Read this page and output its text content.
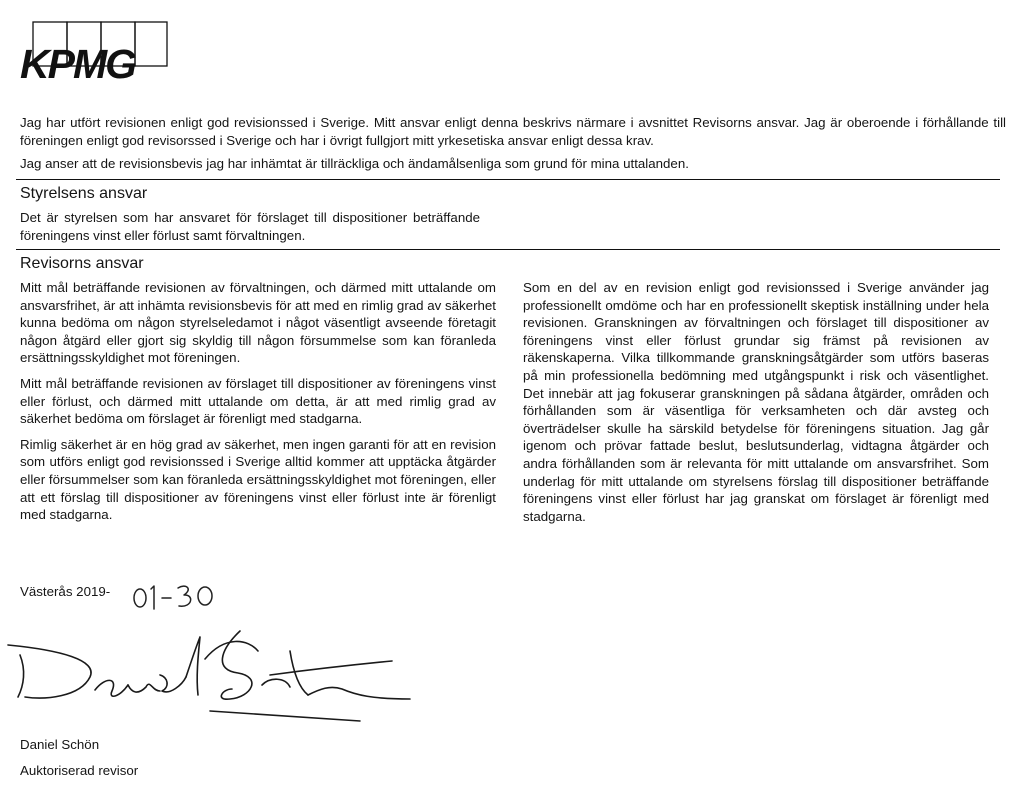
KPMG

Jag har utfört revisionen enligt god revisionssed i Sverige. Mitt ansvar enligt denna beskrivs närmare i avsnittet Revisorns ansvar. Jag är oberoende i förhållande till föreningen enligt god revisorssed i Sverige och har i övrigt fullgjort mitt yrkesetiska ansvar enligt dessa krav.

Jag anser att de revisionsbevis jag har inhämtat är tillräckliga och ändamålsenliga som grund för mina uttalanden.

Styrelsens ansvar
Det är styrelsen som har ansvaret för förslaget till dispositioner beträffande föreningens vinst eller förlust samt förvaltningen.
Revisorns ansvar

Mitt mål beträffande revisionen av förvaltningen, och därmed mitt uttalande om ansvarsfrihet, är att inhämta revisionsbevis för att med en rimlig grad av säkerhet kunna bedöma om någon styrelseledamot i något väsentligt avseende företagit någon åtgärd eller gjort sig skyldig till någon försummelse som kan föranleda ersättningsskyldighet mot föreningen.

Mitt mål beträffande revisionen av förslaget till dispositioner av föreningens vinst eller förlust, och därmed mitt uttalande om detta, är att med rimlig grad av säkerhet bedöma om förslaget är förenligt med stadgarna.

Rimlig säkerhet är en hög grad av säkerhet, men ingen garanti för att en revision som utförs enligt god revisionssed i Sverige alltid kommer att upptäcka åtgärder eller försummelser som kan föranleda ersättningsskyldighet mot föreningen, eller att ett förslag till dispositioner av föreningens vinst eller förlust inte är förenligt med stadgarna.

Som en del av en revision enligt god revisionssed i Sverige använder jag professionellt omdöme och har en professionellt skeptisk inställning under hela revisionen. Granskningen av förvaltningen och förslaget till dispositioner av föreningens vinst eller förlust grundar sig främst på revisionen av räkenskaperna. Vilka tillkommande granskningsåtgärder som utförs baseras på min professionella bedömning med utgångspunkt i risk och väsentlighet. Det innebär att jag fokuserar granskningen på sådana åtgärder, områden och förhållanden som är väsentliga för verksamheten och där avsteg och överträdelser skulle ha särskild betydelse för föreningens situation. Jag går igenom och prövar fattade beslut, beslutsunderlag, vidtagna åtgärder och andra förhållanden som är relevanta för mitt uttalande om ansvarsfrihet. Som underlag för mitt uttalande om styrelsens förslag till dispositioner beträffande föreningens vinst eller förlust har jag granskat om förslaget är förenligt med stadgarna.

Västerås 2019-
Daniel Schön
Auktoriserad revisor
